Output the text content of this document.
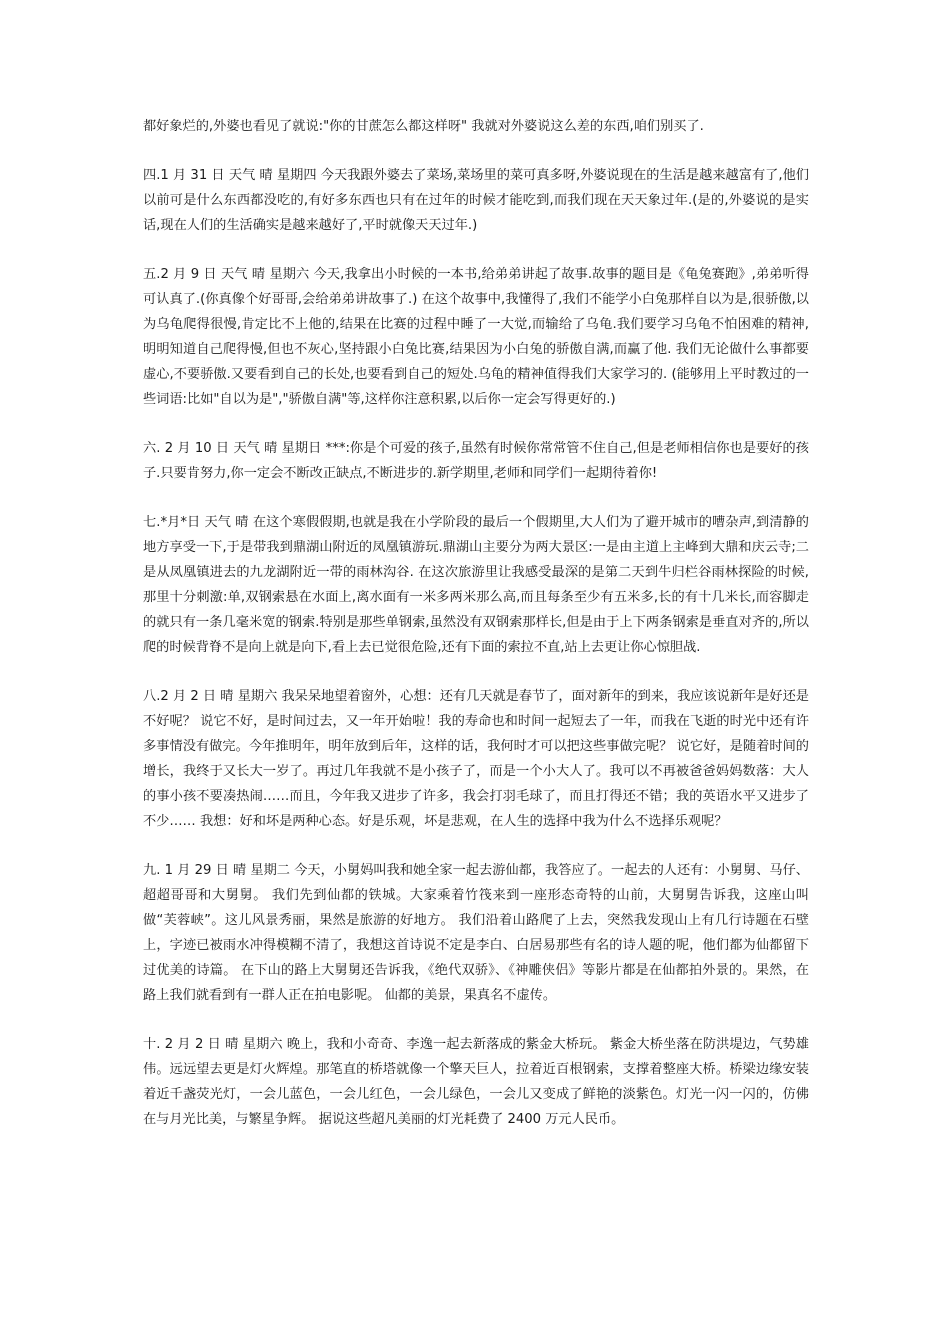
都好象烂的,外婆也看见了就说:"你的甘蔗怎么都这样呀" 我就对外婆说这么差的东西,咱们别买了.

四.1 月 31 日 天气 晴 星期四 今天我跟外婆去了菜场,菜场里的菜可真多呀,外婆说现在的生活是越来越富有了,他们以前可是什么东西都没吃的,有好多东西也只有在过年的时候才能吃到,而我们现在天天象过年.(是的,外婆说的是实话,现在人们的生活确实是越来越好了,平时就像天天过年.)

五.2 月 9 日 天气 晴 星期六 今天,我拿出小时候的一本书,给弟弟讲起了故事.故事的题目是《龟兔赛跑》,弟弟听得可认真了.(你真像个好哥哥,会给弟弟讲故事了.) 在这个故事中,我懂得了,我们不能学小白兔那样自以为是,很骄傲,以为乌龟爬得很慢,肯定比不上他的,结果在比赛的过程中睡了一大觉,而输给了乌龟.我们要学习乌龟不怕困难的精神,明明知道自己爬得慢,但也不灰心,坚持跟小白兔比赛,结果因为小白兔的骄傲自满,而赢了他. 我们无论做什么事都要虚心,不要骄傲.又要看到自己的长处,也要看到自己的短处.乌龟的精神值得我们大家学习的. (能够用上平时教过的一些词语:比如"自以为是","骄傲自满"等,这样你注意积累,以后你一定会写得更好的.)

六. 2 月 10 日 天气 晴 星期日 ***:你是个可爱的孩子,虽然有时候你常常管不住自己,但是老师相信你也是要好的孩子.只要肯努力,你一定会不断改正缺点,不断进步的.新学期里,老师和同学们一起期待着你!

七.*月*日 天气 晴 在这个寒假假期,也就是我在小学阶段的最后一个假期里,大人们为了避开城市的嘈杂声,到清静的地方享受一下,于是带我到鼎湖山附近的凤凰镇游玩.鼎湖山主要分为两大景区:一是由主道上主峰到大鼎和庆云寺;二是从凤凰镇进去的九龙湖附近一带的雨林沟谷. 在这次旅游里让我感受最深的是第二天到牛归栏谷雨林探险的时候,那里十分刺激:单,双钢索悬在水面上,离水面有一米多两米那么高,而且每条至少有五米多,长的有十几米长,而容脚走的就只有一条几毫米宽的钢索.特别是那些单钢索,虽然没有双钢索那样长,但是由于上下两条钢索是垂直对齐的,所以爬的时候背脊不是向上就是向下,看上去已觉很危险,还有下面的索拉不直,站上去更让你心惊胆战.

八.2 月 2 日 晴 星期六 我呆呆地望着窗外，心想：还有几天就是春节了，面对新年的到来，我应该说新年是好还是不好呢？ 说它不好，是时间过去，又一年开始啦！我的寿命也和时间一起短去了一年，而我在飞逝的时光中还有许多事情没有做完。今年推明年，明年放到后年，这样的话，我何时才可以把这些事做完呢？ 说它好，是随着时间的增长，我终于又长大一岁了。再过几年我就不是小孩子了，而是一个小大人了。我可以不再被爸爸妈妈数落：大人的事小孩不要凑热闹……而且，今年我又进步了许多，我会打羽毛球了，而且打得还不错；我的英语水平又进步了不少…… 我想：好和坏是两种心态。好是乐观，坏是悲观，在人生的选择中我为什么不选择乐观呢？

九. 1 月 29 日 晴 星期二 今天，小舅妈叫我和她全家一起去游仙都，我答应了。一起去的人还有：小舅舅、马仔、超超哥哥和大舅舅。 我们先到仙都的铁城。大家乘着竹筏来到一座形态奇特的山前，大舅舅告诉我，这座山叫做“芙蓉峡”。这儿风景秀丽，果然是旅游的好地方。 我们沿着山路爬了上去，突然我发现山上有几行诗题在石壁上，字迹已被雨水冲得模糊不清了，我想这首诗说不定是李白、白居易那些有名的诗人题的呢，他们都为仙都留下过优美的诗篇。 在下山的路上大舅舅还告诉我，《绝代双骄》、《神雕侠侣》等影片都是在仙都拍外景的。果然，在路上我们就看到有一群人正在拍电影呢。 仙都的美景，果真名不虚传。

十. 2 月 2 日 晴 星期六 晚上，我和小奇奇、李逸一起去新落成的紫金大桥玩。 紫金大桥坐落在防洪堤边，气势雄伟。远远望去更是灯火辉煌。那笔直的桥塔就像一个擎天巨人，拉着近百根钢索，支撑着整座大桥。桥梁边缘安装着近千盏荧光灯，一会儿蓝色，一会儿红色，一会儿绿色，一会儿又变成了鲜艳的淡紫色。灯光一闪一闪的，仿佛在与月光比美，与繁星争辉。 据说这些超凡美丽的灯光耗费了 2400 万元人民币。
